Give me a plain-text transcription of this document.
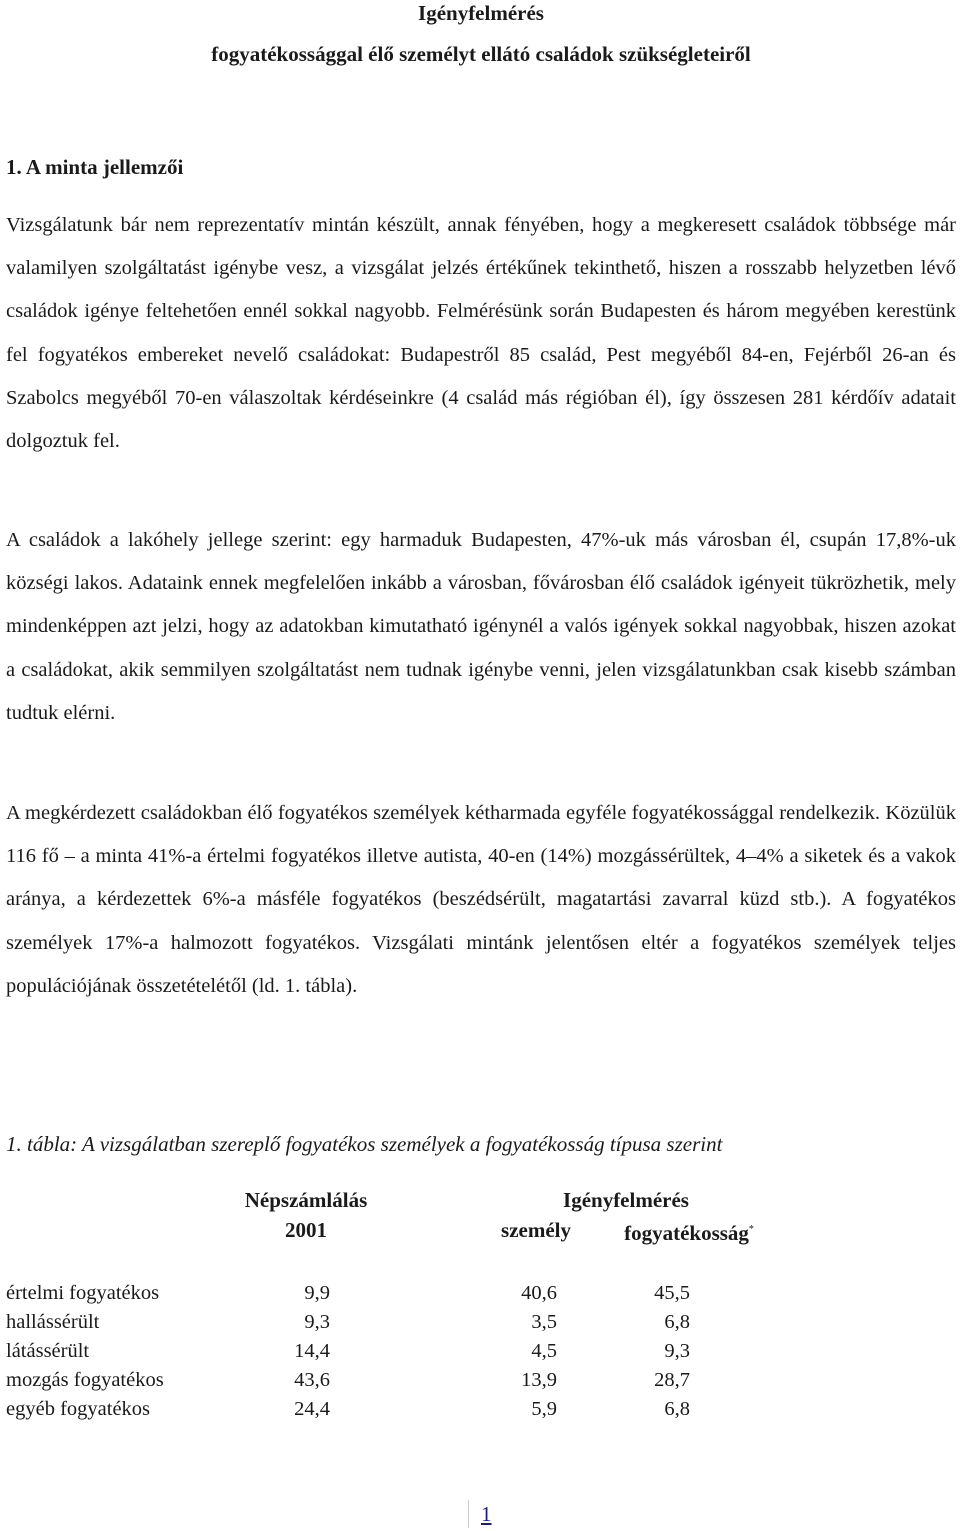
Igényfelmérés
fogyatékossággal élő személyt ellátó családok szükségleteiről
1. A minta jellemzői

Vizsgálatunk bár nem reprezentatív mintán készült, annak fényében, hogy a megkeresett családok többsége már valamilyen szolgáltatást igénybe vesz, a vizsgálat jelzés értékűnek tekinthető, hiszen a rosszabb helyzetben lévő családok igénye feltehetően ennél sokkal nagyobb. Felmérésünk során Budapesten és három megyében kerestünk fel fogyatékos embereket nevelő családokat: Budapestről 85 család, Pest megyéből 84-en, Fejérből 26-an és Szabolcs megyéből 70-en válaszoltak kérdéseinkre (4 család más régióban él), így összesen 281 kérdőív adatait dolgoztuk fel.

A családok a lakóhely jellege szerint: egy harmaduk Budapesten, 47%-uk más városban él, csupán 17,8%-uk községi lakos. Adataink ennek megfelelően inkább a városban, fővárosban élő családok igényeit tükrözhetik, mely mindenképpen azt jelzi, hogy az adatokban kimutatható igénynél a valós igények sokkal nagyobbak, hiszen azokat a családokat, akik semmilyen szolgáltatást nem tudnak igénybe venni, jelen vizsgálatunkban csak kisebb számban tudtuk elérni.

A megkérdezett családokban élő fogyatékos személyek kétharmada egyféle fogyatékossággal rendelkezik. Közülük 116 fő – a minta 41%-a értelmi fogyatékos illetve autista, 40-en (14%) mozgássérültek, 4–4% a siketek és a vakok aránya, a kérdezettek 6%-a másféle fogyatékos (beszédsérült, magatartási zavarral küzd stb.). A fogyatékos személyek 17%-a halmozott fogyatékos. Vizsgálati mintánk jelentősen eltér a fogyatékos személyek teljes populációjának összetételétől (ld. 1. tábla).

1. tábla: A vizsgálatban szereplő fogyatékos személyek a fogyatékosság típusa szerint
Népszámlálás
2001
Igényfelmérés
személy	fogyatékosság*
értelmi fogyatékos	9,9	40,6	45,5
hallássérült	9,3	3,5	6,8
látássérült	14,4	4,5	9,3
mozgás fogyatékos	43,6	13,9	28,7
egyéb fogyatékos	24,4	5,9	6,8
1
